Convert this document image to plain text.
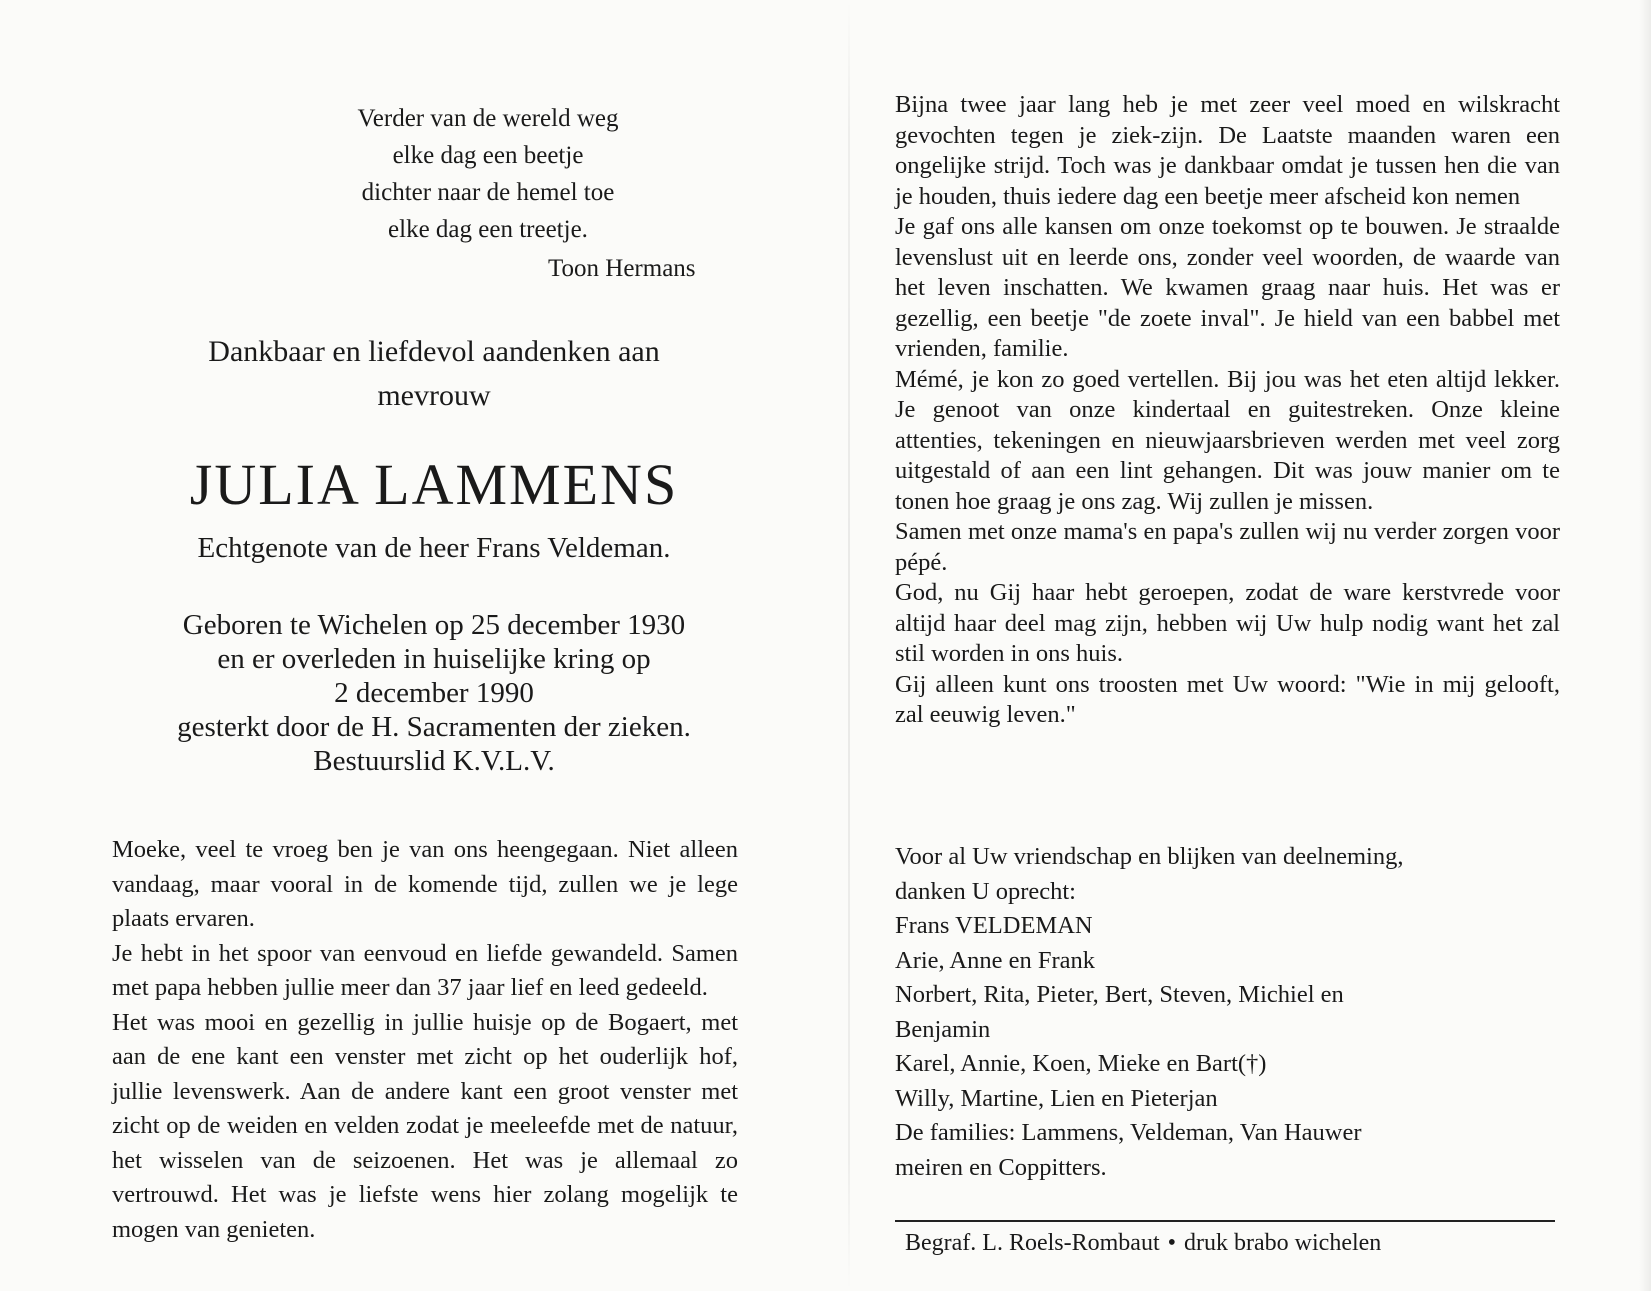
Verder van de wereld weg
elke dag een beetje
dichter naar de hemel toe
elke dag een treetje.
Toon Hermans
Dankbaar en liefdevol aandenken aan
mevrouw
JULIA LAMMENS
Echtgenote van de heer Frans Veldeman.
Geboren te Wichelen op 25 december 1930
en er overleden in huiselijke kring op
2 december 1990
gesterkt door de H. Sacramenten der zieken.
Bestuurslid K.V.L.V.

Moeke, veel te vroeg ben je van ons heengegaan. Niet alleen vandaag, maar vooral in de komende tijd, zullen we je lege plaats ervaren.

Je hebt in het spoor van eenvoud en liefde gewandeld. Samen met papa hebben jullie meer dan 37 jaar lief en leed gedeeld.

Het was mooi en gezellig in jullie huisje op de Bogaert, met aan de ene kant een venster met zicht op het ouderlijk hof, jullie levenswerk. Aan de andere kant een groot venster met zicht op de weiden en velden zodat je meeleefde met de natuur, het wisselen van de seizoenen. Het was je allemaal zo vertrouwd. Het was je liefste wens hier zolang mogelijk te mogen van genieten.

Bijna twee jaar lang heb je met zeer veel moed en wilskracht gevochten tegen je ziek-zijn. De Laatste maanden waren een ongelijke strijd. Toch was je dankbaar omdat je tussen hen die van je houden, thuis iedere dag een beetje meer afscheid kon nemen

Je gaf ons alle kansen om onze toekomst op te bouwen. Je straalde levenslust uit en leerde ons, zonder veel woorden, de waarde van het leven inschatten. We kwamen graag naar huis. Het was er gezellig, een beetje "de zoete inval". Je hield van een babbel met vrienden, familie.

Mémé, je kon zo goed vertellen. Bij jou was het eten altijd lekker. Je genoot van onze kindertaal en guitestreken. Onze kleine attenties, tekeningen en nieuwjaarsbrieven werden met veel zorg uitgestald of aan een lint gehangen. Dit was jouw manier om te tonen hoe graag je ons zag. Wij zullen je missen.

Samen met onze mama's en papa's zullen wij nu verder zorgen voor pépé.

God, nu Gij haar hebt geroepen, zodat de ware kerstvrede voor altijd haar deel mag zijn, hebben wij Uw hulp nodig want het zal stil worden in ons huis.

Gij alleen kunt ons troosten met Uw woord: "Wie in mij gelooft, zal eeuwig leven."

Voor al Uw vriendschap en blijken van deelneming,
danken U oprecht:
Frans VELDEMAN
Arie, Anne en Frank
Norbert, Rita, Pieter, Bert, Steven, Michiel en
Benjamin
Karel, Annie, Koen, Mieke en Bart(†)
Willy, Martine, Lien en Pieterjan
De families: Lammens, Veldeman, Van Hauwer
meiren en Coppitters.
Begraf. L. Roels-Rombaut • druk brabo wichelen
